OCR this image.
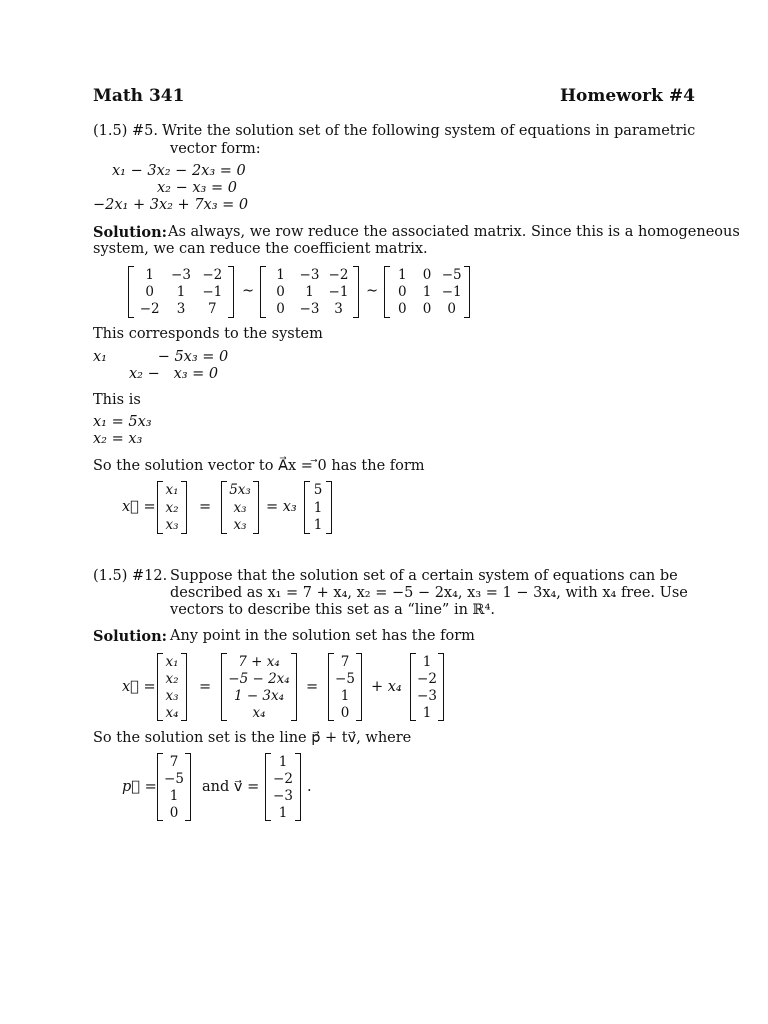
Math 341	Homework #4
(1.5) #5. Write the solution set of the following system of equations in parametric
vector form:
x₁ − 3x₂ − 2x₃ = 0
x₂ − x₃ = 0
−2x₁ + 3x₂ + 7x₃ = 0
Solution: As always, we row reduce the associated matrix. Since this is a homogeneous
system, we can reduce the coefficient matrix.
1	−3 −2
0	1	−1
−2	3	7
∼
1	−3 −2
0	1	−1
0	−3	3
∼
1	0 −5
0	1 −1
0	0	0
This corresponds to the system
x₁           − 5x₃ = 0
x₂ −   x₃ = 0
This is
x₁ = 5x₃
x₂ = x₃
So the solution vector to A⃗x = ⃗0 has the form
x⃗ =
x₁
x₂
x₃
=
5x₃
x₃
x₃
= x₃
5
1
1
(1.5) #12. Suppose that the solution set of a certain system of equations can be
described as x₁ = 7 + x₄, x₂ = −5 − 2x₄, x₃ = 1 − 3x₄, with x₄ free. Use
vectors to describe this set as a “line” in ℝ⁴.
Solution: Any point in the solution set has the form
x⃗ =
x₁
x₂
x₃
x₄
=
7 + x₄
−5 − 2x₄
1 − 3x₄
x₄
=
7
−5
1
0
+ x₄
1
−2
−3
1
So the solution set is the line p⃗ + tv⃗, where
p⃗ =
7
−5
1
0
and v⃗ =
1
−2
−3
1
.
